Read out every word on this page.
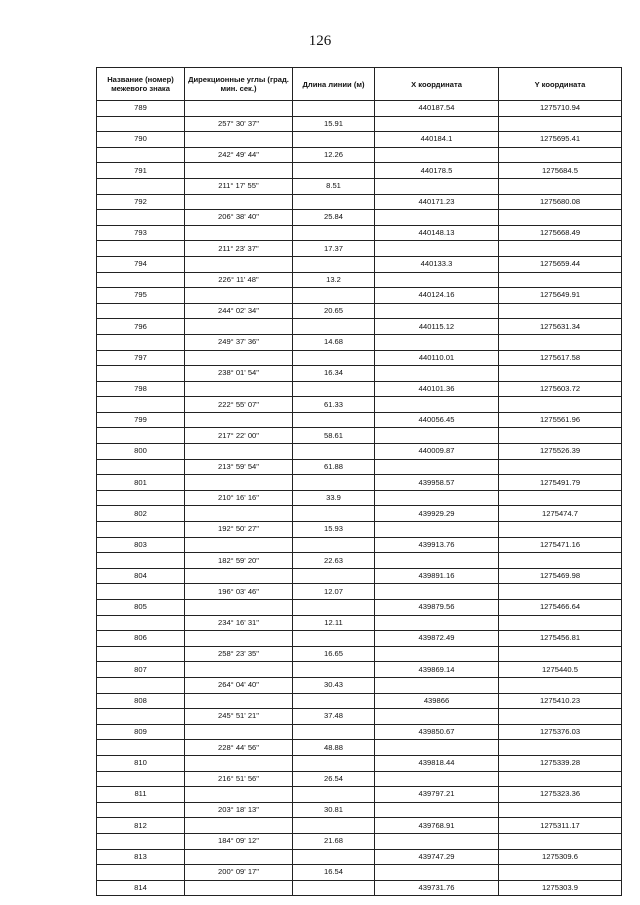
126
Название (номер) межевого знака	Дирекционные углы (град. мин. сек.)	Длина линии (м)	X координата	Y координата
789			440187.54	1275710.94
	257° 30' 37"	15.91		
790			440184.1	1275695.41
	242° 49' 44"	12.26		
791			440178.5	1275684.5
	211° 17' 55"	8.51		
792			440171.23	1275680.08
	206° 38' 40"	25.84		
793			440148.13	1275668.49
	211° 23' 37"	17.37		
794			440133.3	1275659.44
	226° 11' 48"	13.2		
795			440124.16	1275649.91
	244° 02' 34"	20.65		
796			440115.12	1275631.34
	249° 37' 36"	14.68		
797			440110.01	1275617.58
	238° 01' 54"	16.34		
798			440101.36	1275603.72
	222° 55' 07"	61.33		
799			440056.45	1275561.96
	217° 22' 00"	58.61		
800			440009.87	1275526.39
	213° 59' 54"	61.88		
801			439958.57	1275491.79
	210° 16' 16"	33.9		
802			439929.29	1275474.7
	192° 50' 27"	15.93		
803			439913.76	1275471.16
	182° 59' 20"	22.63		
804			439891.16	1275469.98
	196° 03' 46"	12.07		
805			439879.56	1275466.64
	234° 16' 31"	12.11		
806			439872.49	1275456.81
	258° 23' 35"	16.65		
807			439869.14	1275440.5
	264° 04' 40"	30.43		
808			439866	1275410.23
	245° 51' 21"	37.48		
809			439850.67	1275376.03
	228° 44' 56"	48.88		
810			439818.44	1275339.28
	216° 51' 56"	26.54		
811			439797.21	1275323.36
	203° 18' 13"	30.81		
812			439768.91	1275311.17
	184° 09' 12"	21.68		
813			439747.29	1275309.6
	200° 09' 17"	16.54		
814			439731.76	1275303.9
